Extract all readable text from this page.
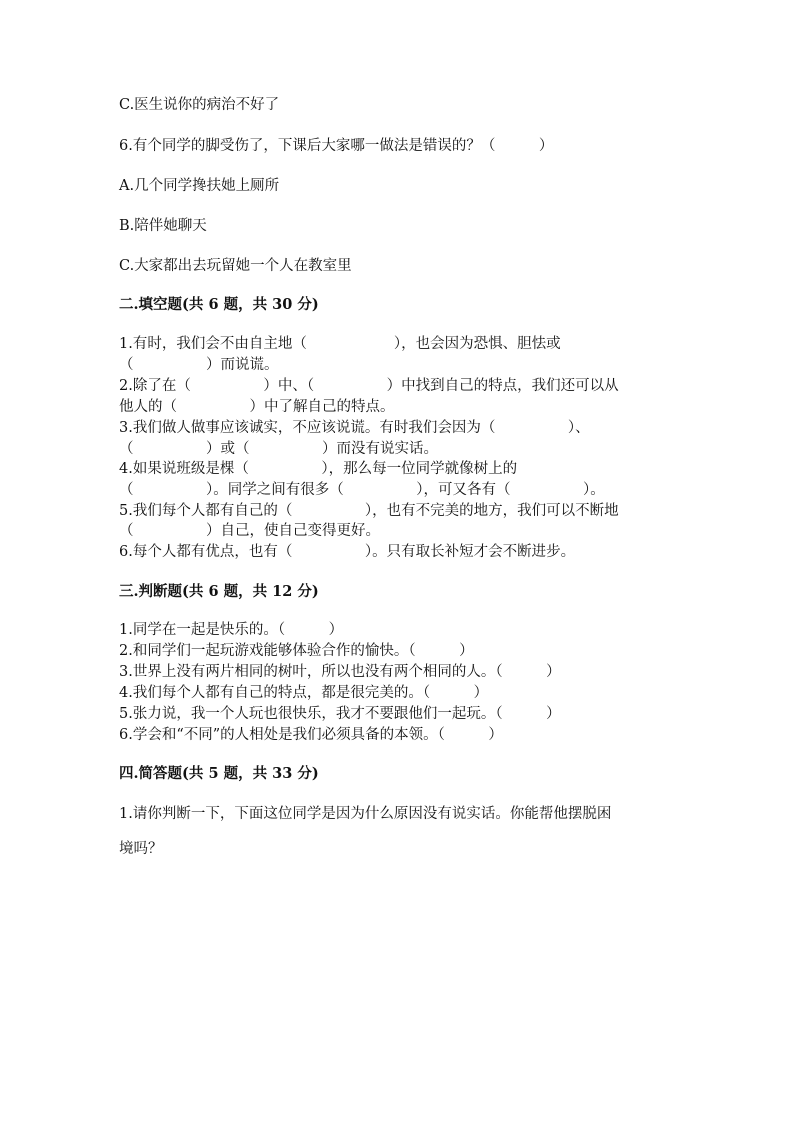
C.医生说你的病治不好了
6.有个同学的脚受伤了，下课后大家哪一做法是错误的？（　　　）
A.几个同学搀扶她上厕所
B.陪伴她聊天
C.大家都出去玩留她一个人在教室里
二.填空题(共 6 题，共 30 分)
1.有时，我们会不由自主地（　　　　　　），也会因为恐惧、胆怯或
（　　　　　）而说谎。
2.除了在（　　　　　）中、（　　　　　）中找到自己的特点，我们还可以从
他人的（　　　　　）中了解自己的特点。
3.我们做人做事应该诚实，不应该说谎。有时我们会因为（　　　　　）、
（　　　　　）或（　　　　　）而没有说实话。
4.如果说班级是棵（　　　　　），那么每一位同学就像树上的
（　　　　　）。同学之间有很多（　　　　　），可又各有（　　　　　）。
5.我们每个人都有自己的（　　　　　），也有不完美的地方，我们可以不断地
（　　　　　）自己，使自己变得更好。
6.每个人都有优点，也有（　　　　　）。只有取长补短才会不断进步。
三.判断题(共 6 题，共 12 分)
1.同学在一起是快乐的。（　　　）
2.和同学们一起玩游戏能够体验合作的愉快。（　　　）
3.世界上没有两片相同的树叶，所以也没有两个相同的人。（　　　）
4.我们每个人都有自己的特点，都是很完美的。（　　　）
5.张力说，我一个人玩也很快乐，我才不要跟他们一起玩。（　　　）
6.学会和“不同”的人相处是我们必须具备的本领。（　　　）
四.简答题(共 5 题，共 33 分)
1.请你判断一下，下面这位同学是因为什么原因没有说实话。你能帮他摆脱困
境吗？
